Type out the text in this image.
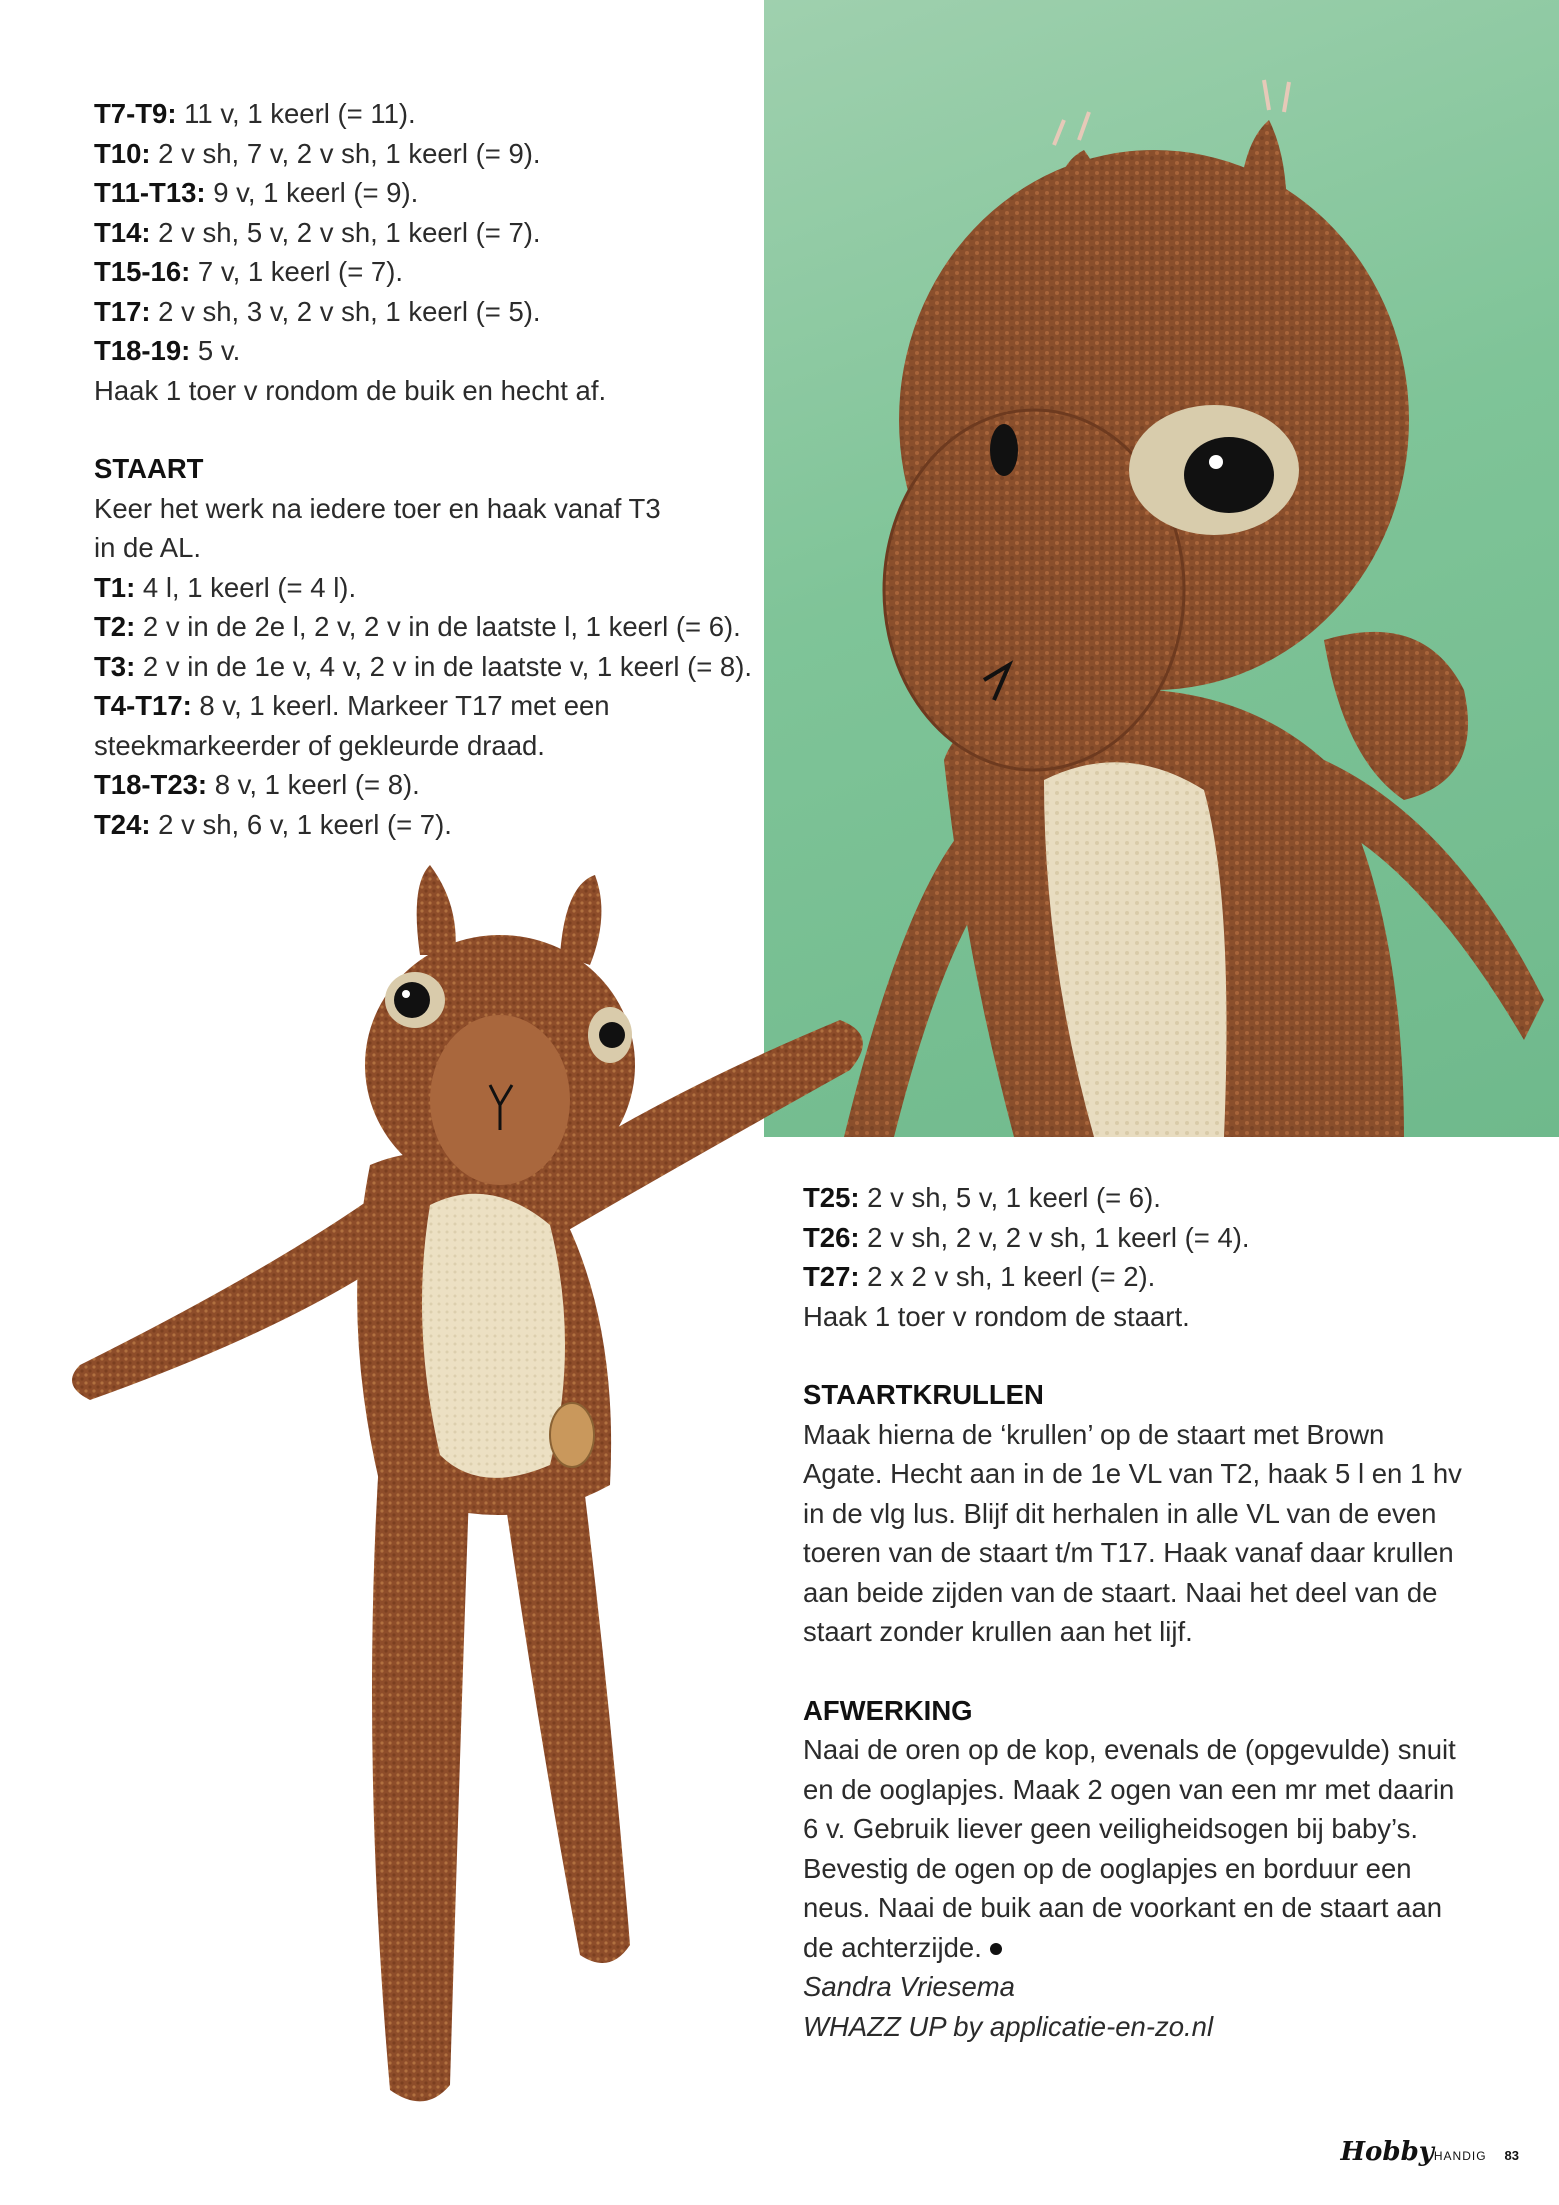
T7-T9: 11 v, 1 keerl (= 11).
T10: 2 v sh, 7 v, 2 v sh, 1 keerl (= 9).
T11-T13: 9 v, 1 keerl (= 9).
T14: 2 v sh, 5 v, 2 v sh, 1 keerl (= 7).
T15-16: 7 v, 1 keerl (= 7).
T17: 2 v sh, 3 v, 2 v sh, 1 keerl (= 5).
T18-19: 5 v.
Haak 1 toer v rondom de buik en hecht af.
STAART
Keer het werk na iedere toer en haak vanaf T3
in de AL.
T1: 4 l, 1 keerl (= 4 l).
T2: 2 v in de 2e l, 2 v, 2 v in de laatste l, 1 keerl (= 6).
T3: 2 v in de 1e v, 4 v, 2 v in de laatste v, 1 keerl (= 8).
T4-T17: 8 v, 1 keerl. Markeer T17 met een
steekmarkeerder of gekleurde draad.
T18-T23: 8 v, 1 keerl (= 8).
T24: 2 v sh, 6 v, 1 keerl (= 7).
T25: 2 v sh, 5 v, 1 keerl (= 6).
T26: 2 v sh, 2 v, 2 v sh, 1 keerl (= 4).
T27: 2 x 2 v sh, 1 keerl (= 2).
Haak 1 toer v rondom de staart.
STAARTKRULLEN
Maak hierna de ‘krullen’ op de staart met Brown
Agate. Hecht aan in de 1e VL van T2, haak 5 l en 1 hv
in de vlg lus. Blijf dit herhalen in alle VL van de even
toeren van de staart t/m T17. Haak vanaf daar krullen
aan beide zijden van de staart. Naai het deel van de
staart zonder krullen aan het lijf.
AFWERKING
Naai de oren op de kop, evenals de (opgevulde) snuit
en de ooglapjes. Maak 2 ogen van een mr met daarin
6 v. Gebruik liever geen veiligheidsogen bij baby’s.
Bevestig de ogen op de ooglapjes en borduur een
neus. Naai de buik aan de voorkant en de staart aan
de achterzijde.
Sandra Vriesema
WHAZZ UP by applicatie-en-zo.nl
HobbyHANDIG 83
